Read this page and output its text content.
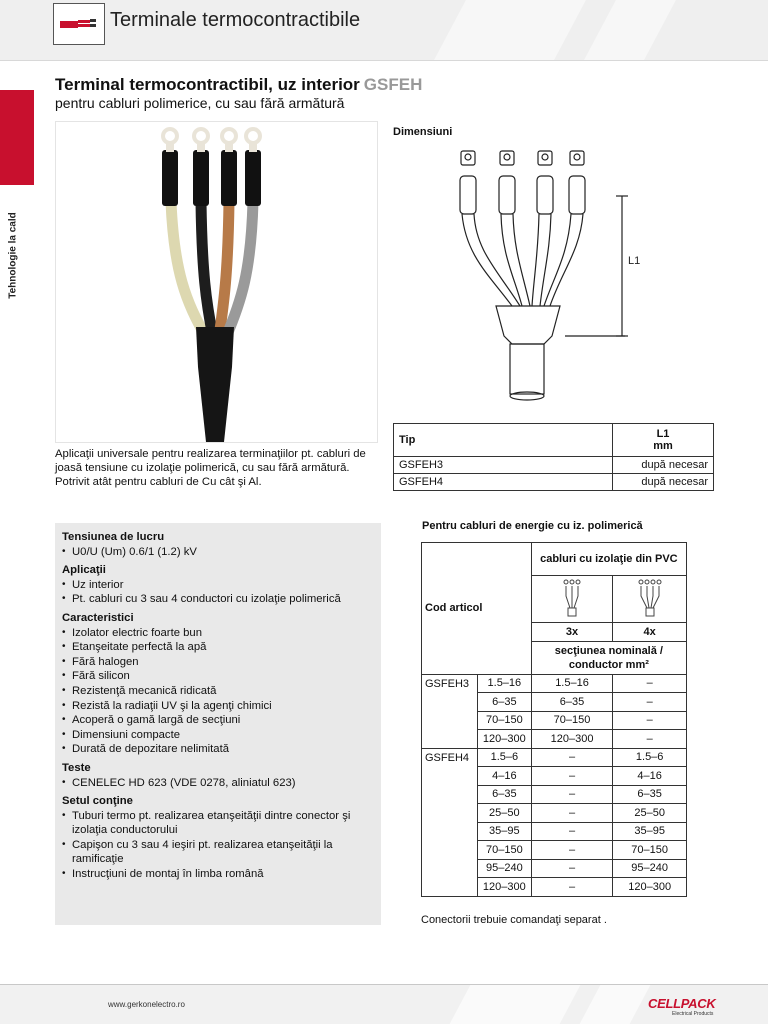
Terminale termocontractibile
Tehnologie la cald
Terminal termocontractibil, uz interior GSFEH
pentru cabluri polimerice, cu sau fără armătură
Dimensiuni
L1
Aplicaţii universale pentru realizarea terminaţiilor pt. cabluri de joasă tensiune cu izolaţie polimerică, cu sau fără armătură. Potrivit atât pentru cabluri de Cu cât şi Al.
Tip	L1
mm

GSFEH3	după necesar
GSFEH4	după necesar
Tensiunea de lucru
• U0/U (Um) 0.6/1 (1.2) kV
Aplicaţii
• Uz interior
• Pt. cabluri cu 3 sau 4 conductori cu izolaţie polimerică
Caracteristici
• Izolator electric foarte bun
• Etanşeitate perfectă la apă
• Fără halogen
• Fără silicon
• Rezistenţă mecanică ridicată
• Rezistă la radiaţii UV şi la agenţi chimici
• Acoperă o gamă largă de secţiuni
• Dimensiuni compacte
• Durată de depozitare nelimitată
Teste
• CENELEC HD 623 (VDE 0278, aliniatul 623)
Setul conţine
• Tuburi termo pt. realizarea etanşeităţii dintre conector şi izolaţia conductorului
• Capişon cu 3 sau 4 ieşiri pt. realizarea etanşeităţii la ramificaţie
• Instrucţiuni de montaj în limba română
Pentru cabluri de energie cu iz. polimerică
Cod articol		cabluri cu izolaţie din PVC	

		3x	4x
		secţiunea nominală / conductor mm²	
GSFEH3	1.5–16	1.5–16	–
	6–35	6–35	–
	70–150	70–150	–
	120–300	120–300	–
GSFEH4	1.5–6	–	1.5–6
	4–16	–	4–16
	6–35	–	6–35
	25–50	–	25–50
	35–95	–	35–95
	70–150	–	70–150
	95–240	–	95–240
	120–300	–	120–300
Conectorii trebuie comandaţi separat .
www.gerkonelectro.ro	CELLPACK
Electrical Products
